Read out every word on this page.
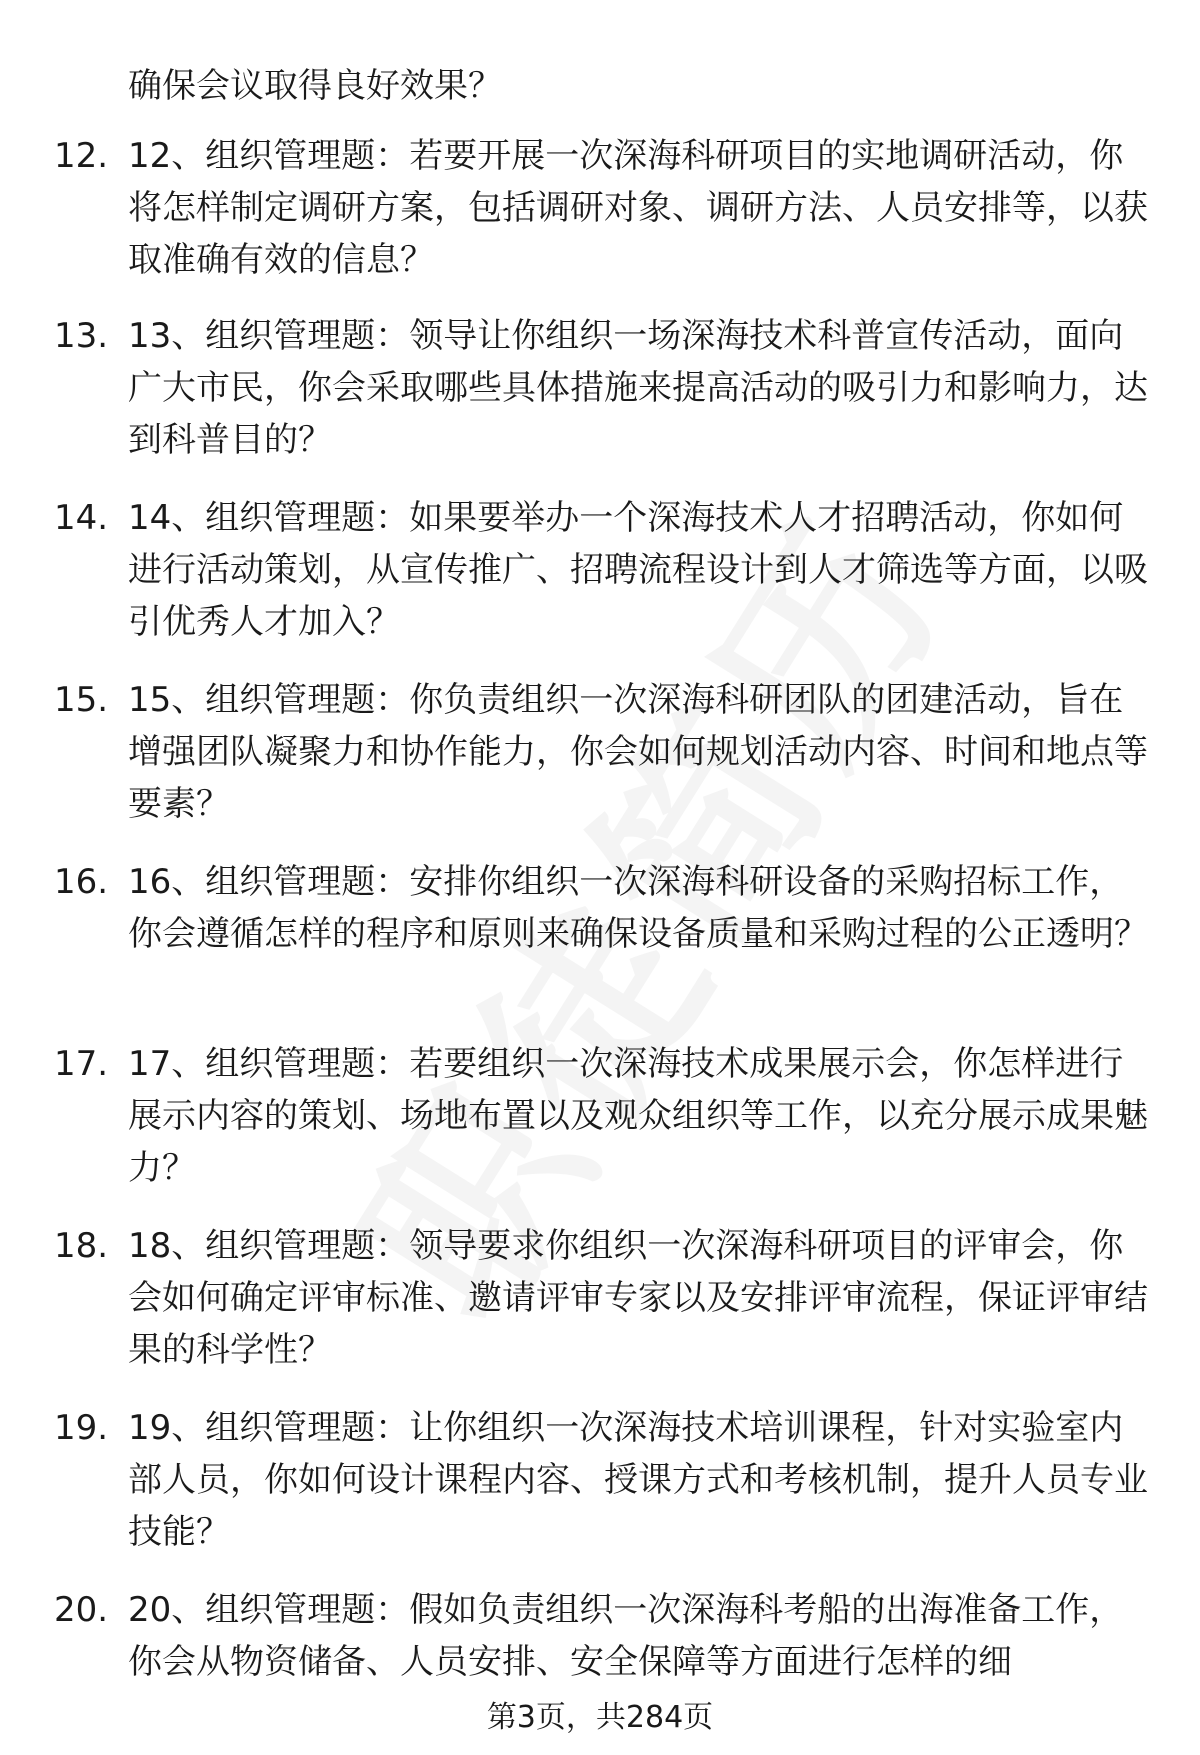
确保会议取得良好效果？
12. 12、组织管理题：若要开展一次深海科研项目的实地调研活动，你将怎样制定调研方案，包括调研对象、调研方法、人员安排等，以获取准确有效的信息？
13. 13、组织管理题：领导让你组织一场深海技术科普宣传活动，面向广大市民，你会采取哪些具体措施来提高活动的吸引力和影响力，达到科普目的？
14. 14、组织管理题：如果要举办一个深海技术人才招聘活动，你如何进行活动策划，从宣传推广、招聘流程设计到人才筛选等方面，以吸引优秀人才加入？
15. 15、组织管理题：你负责组织一次深海科研团队的团建活动，旨在增强团队凝聚力和协作能力，你会如何规划活动内容、时间和地点等要素？
16. 16、组织管理题：安排你组织一次深海科研设备的采购招标工作，你会遵循怎样的程序和原则来确保设备质量和采购过程的公正透明？
17. 17、组织管理题：若要组织一次深海技术成果展示会，你怎样进行展示内容的策划、场地布置以及观众组织等工作，以充分展示成果魅力？
18. 18、组织管理题：领导要求你组织一次深海科研项目的评审会，你会如何确定评审标准、邀请评审专家以及安排评审流程，保证评审结果的科学性？
19. 19、组织管理题：让你组织一次深海技术培训课程，针对实验室内部人员，你如何设计课程内容、授课方式和考核机制，提升人员专业技能？
20. 20、组织管理题：假如负责组织一次深海科考船的出海准备工作，你会从物资储备、人员安排、安全保障等方面进行怎样的细
第3页，共284页
